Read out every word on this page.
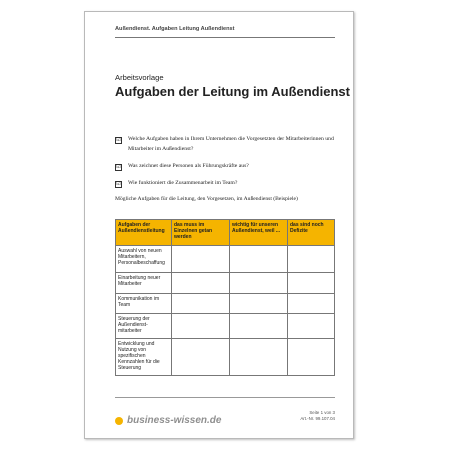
Außendienst. Aufgaben Leitung Außendienst
Arbeitsvorlage
Aufgaben der Leitung im Außendienst
☑ Welche Aufgaben haben in Ihrem Unternehmen die Vorgesetzten der Mitarbeiterinnen und Mitarbeiter im Außendienst?
☑ Was zeichnet diese Personen als Führungskräfte aus?
☑ Wie funktioniert die Zusammenarbeit im Team?
Mögliche Aufgaben für die Leitung, den Vorgesetzen, im Außendienst (Beispiele)
Aufgaben der Außendienstleitung	das muss im Einzelnen getan werden	wichtig für unseren Außendienst, weil ...	das sind noch Defizite
Auswahl von neuen Mitarbeitern, Personalbeschaffung			
Einarbeitung neuer Mitarbeiter			
Kommunikation im Team			
Steuerung der Außendienst-mitarbeiter			
Entwicklung und Nutzung von spezifischen Kennzahlen für die Steuerung			
business-wissen.de
Seite 1 von 3
Art.-Nr. 99.107.04
